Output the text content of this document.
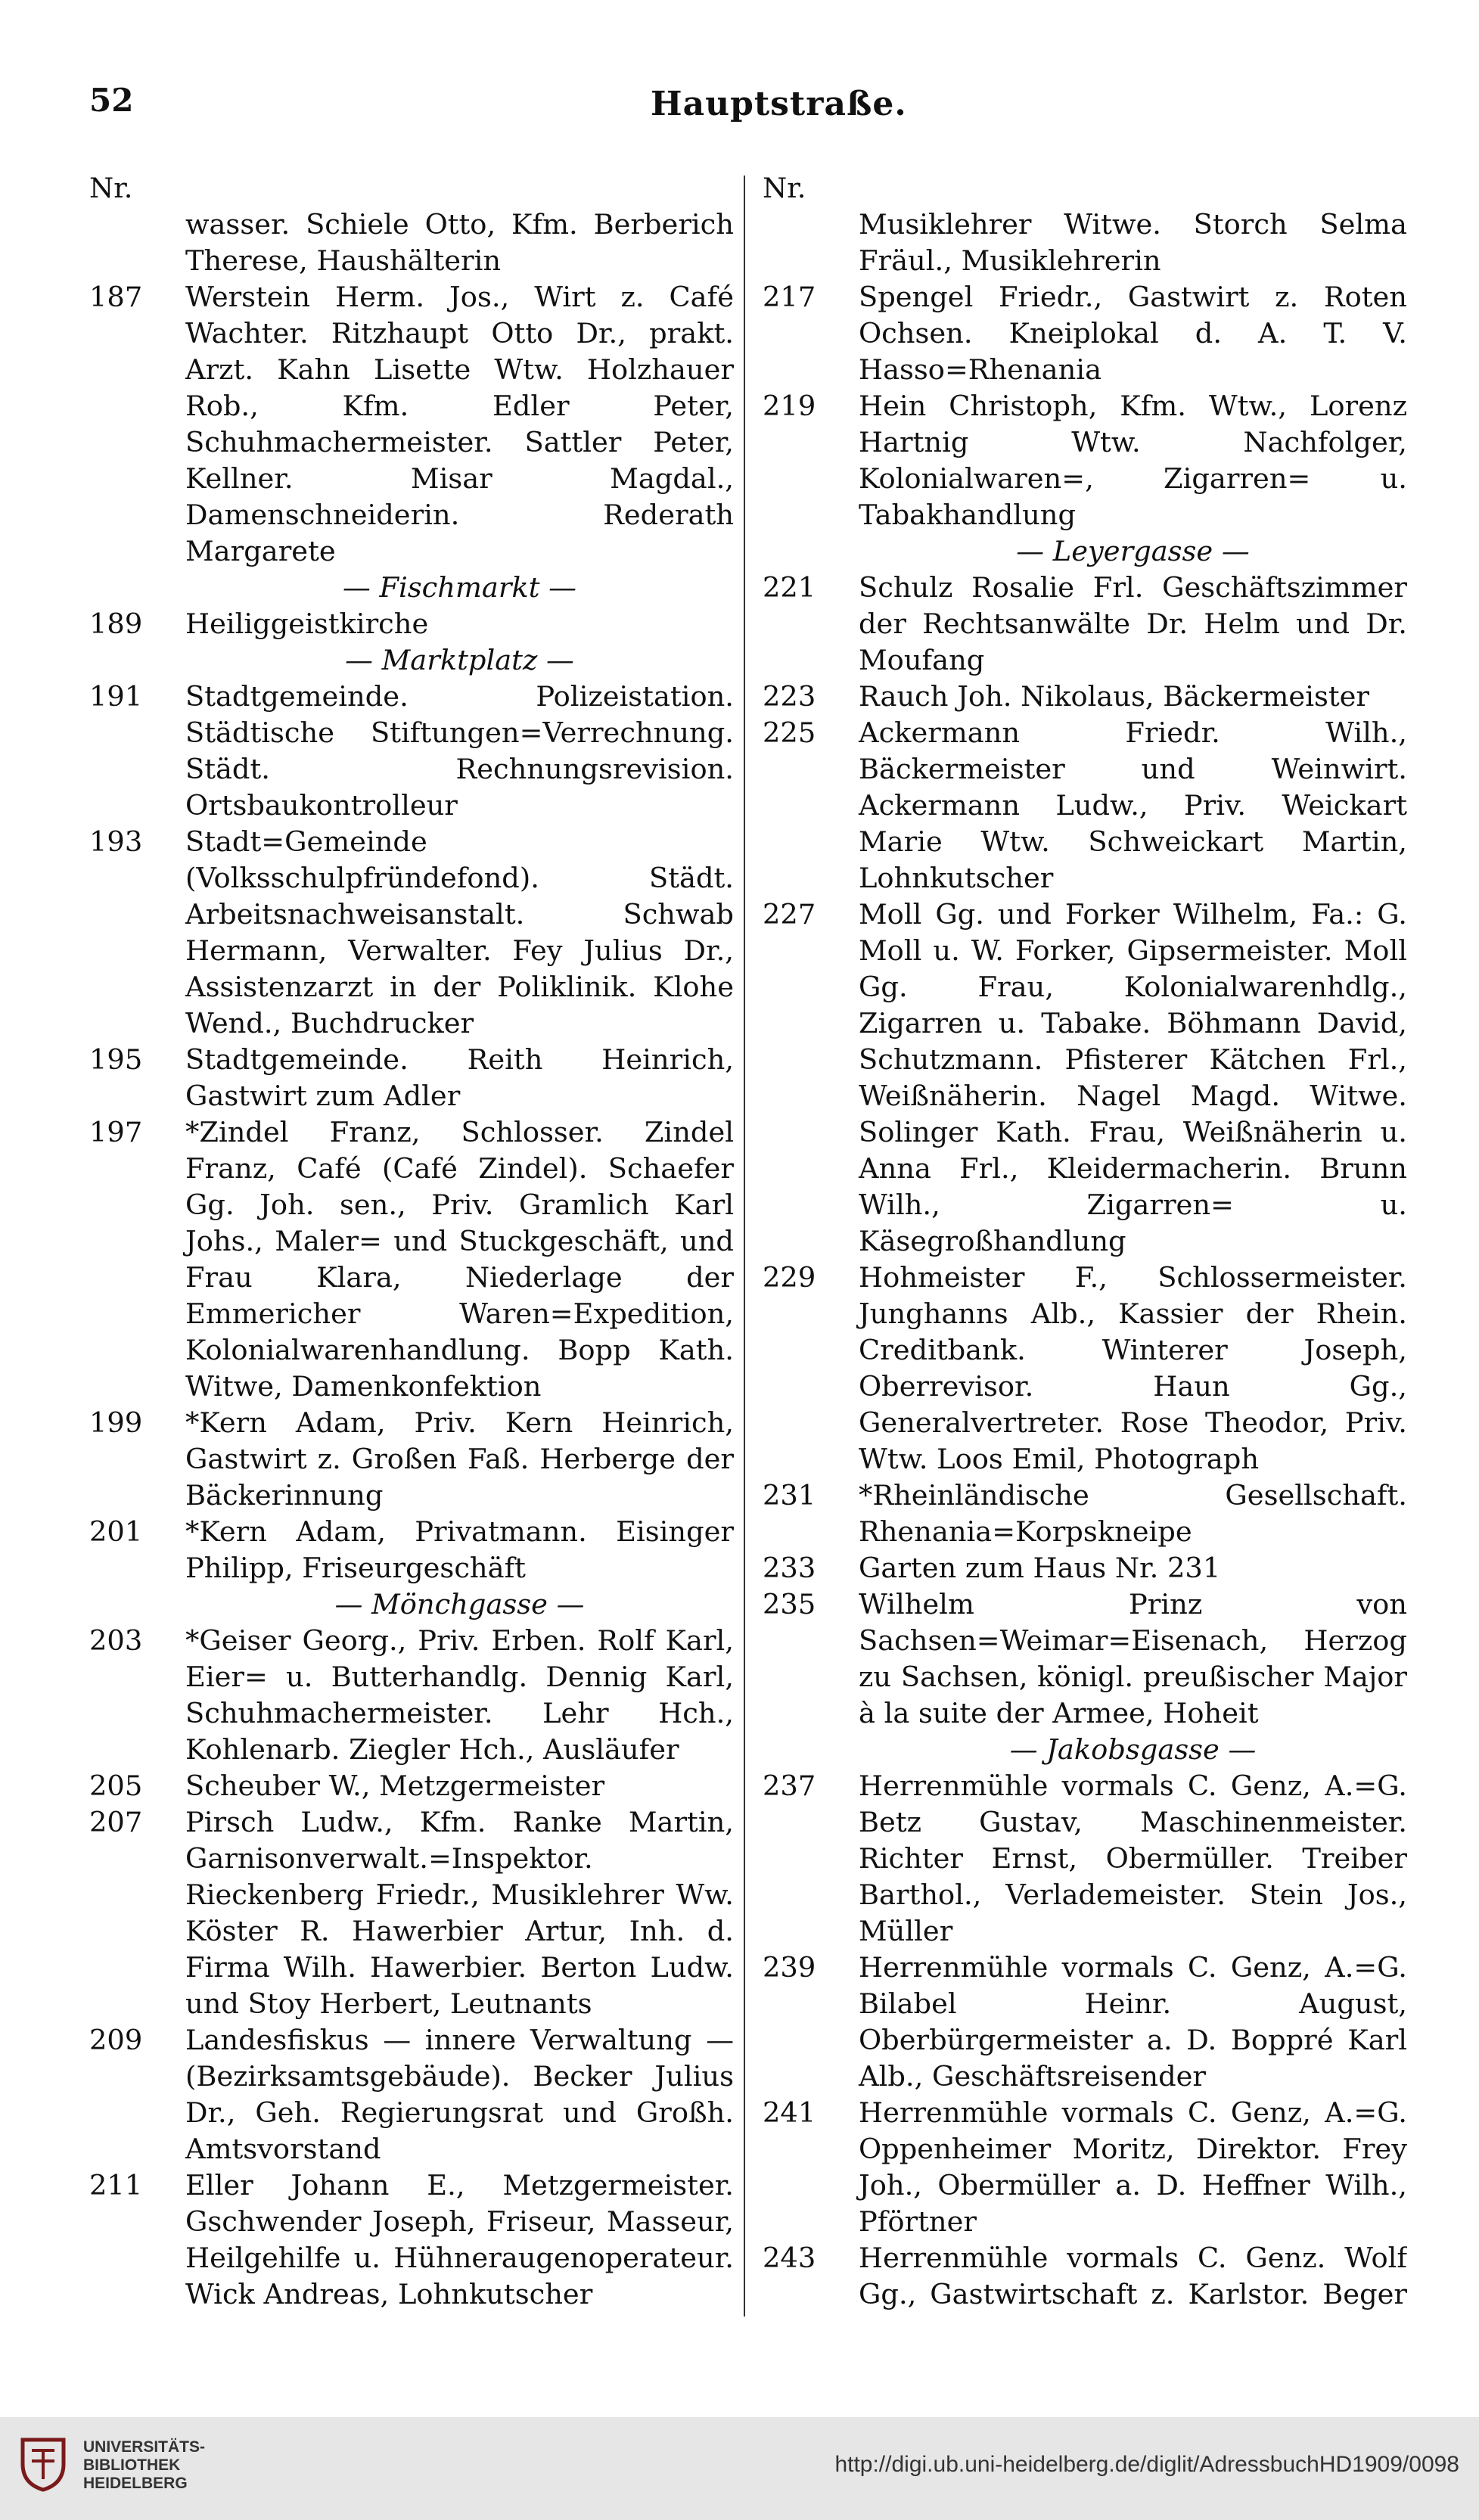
52	Hauptstraße.
Nr.
wasser. Schiele Otto, Kfm. Berberich Therese, Haushälterin
187 Werstein Herm. Jos., Wirt z. Café Wachter. Ritzhaupt Otto Dr., prakt. Arzt. Kahn Lisette Wtw. Holzhauer Rob., Kfm. Edler Peter, Schuhmachermeister. Sattler Peter, Kellner. Misar Magdal., Damenschneiderin. Rederath Margarete
— Fischmarkt —
189 Heiliggeistkirche
— Marktplatz —
191 Stadtgemeinde. Polizeistation. Städtische Stiftungen=Verrechnung. Städt. Rechnungsrevision. Ortsbaukontrolleur
193 Stadt=Gemeinde (Volksschulpfründefond). Städt. Arbeitsnachweisanstalt. Schwab Hermann, Verwalter. Fey Julius Dr., Assistenzarzt in der Poliklinik. Klohe Wend., Buchdrucker
195 Stadtgemeinde. Reith Heinrich, Gastwirt zum Adler
197 *Zindel Franz, Schlosser. Zindel Franz, Café (Café Zindel). Schaefer Gg. Joh. sen., Priv. Gramlich Karl Johs., Maler= und Stuckgeschäft, und Frau Klara, Niederlage der Emmericher Waren=Expedition, Kolonialwarenhandlung. Bopp Kath. Witwe, Damenkonfektion
199 *Kern Adam, Priv. Kern Heinrich, Gastwirt z. Großen Faß. Herberge der Bäckerinnung
201 *Kern Adam, Privatmann. Eisinger Philipp, Friseurgeschäft
— Mönchgasse —
203 *Geiser Georg., Priv. Erben. Rolf Karl, Eier= u. Butterhandlg. Dennig Karl, Schuhmachermeister. Lehr Hch., Kohlenarb. Ziegler Hch., Ausläufer
205 Scheuber W., Metzgermeister
207 Pirsch Ludw., Kfm. Ranke Martin, Garnisonverwalt.=Inspektor. Rieckenberg Friedr., Musiklehrer Ww. Köster R. Hawerbier Artur, Inh. d. Firma Wilh. Hawerbier. Berton Ludw. und Stoy Herbert, Leutnants
209 Landesfiskus — innere Verwaltung — (Bezirksamtsgebäude). Becker Julius Dr., Geh. Regierungsrat und Großh. Amtsvorstand
211 Eller Johann E., Metzgermeister. Gschwender Joseph, Friseur, Masseur, Heilgehilfe u. Hühneraugenoperateur. Wick Andreas, Lohnkutscher
Nr.
Musiklehrer Witwe. Storch Selma Fräul., Musiklehrerin
217 Spengel Friedr., Gastwirt z. Roten Ochsen. Kneiplokal d. A. T. V. Hasso=Rhenania
219 Hein Christoph, Kfm. Wtw., Lorenz Hartnig Wtw. Nachfolger, Kolonialwaren=, Zigarren= u. Tabakhandlung
— Leyergasse —
221 Schulz Rosalie Frl. Geschäftszimmer der Rechtsanwälte Dr. Helm und Dr. Moufang
223 Rauch Joh. Nikolaus, Bäckermeister
225 Ackermann Friedr. Wilh., Bäckermeister und Weinwirt. Ackermann Ludw., Priv. Weickart Marie Wtw. Schweickart Martin, Lohnkutscher
227 Moll Gg. und Forker Wilhelm, Fa.: G. Moll u. W. Forker, Gipsermeister. Moll Gg. Frau, Kolonialwarenhdlg., Zigarren u. Tabake. Böhmann David, Schutzmann. Pfisterer Kätchen Frl., Weißnäherin. Nagel Magd. Witwe. Solinger Kath. Frau, Weißnäherin u. Anna Frl., Kleidermacherin. Brunn Wilh., Zigarren= u. Käsegroßhandlung
229 Hohmeister F., Schlossermeister. Junghanns Alb., Kassier der Rhein. Creditbank. Winterer Joseph, Oberrevisor. Haun Gg., Generalvertreter. Rose Theodor, Priv. Wtw. Loos Emil, Photograph
231 *Rheinländische Gesellschaft. Rhenania=Korpskneipe
233 Garten zum Haus Nr. 231
235 Wilhelm Prinz von Sachsen=Weimar=Eisenach, Herzog zu Sachsen, königl. preußischer Major à la suite der Armee, Hoheit
— Jakobsgasse —
237 Herrenmühle vormals C. Genz, A.=G. Betz Gustav, Maschinenmeister. Richter Ernst, Obermüller. Treiber Barthol., Verlademeister. Stein Jos., Müller
239 Herrenmühle vormals C. Genz, A.=G. Bilabel Heinr. August, Oberbürgermeister a. D. Boppré Karl Alb., Geschäftsreisender
241 Herrenmühle vormals C. Genz, A.=G. Oppenheimer Moritz, Direktor. Frey Joh., Obermüller a. D. Heffner Wilh., Pförtner
243 Herrenmühle vormals C. Genz. Wolf Gg., Gastwirtschaft z. Karlstor. Beger
UNIVERSITÄTS-
BIBLIOTHEK
HEIDELBERG
http://digi.ub.uni-heidelberg.de/diglit/AdressbuchHD1909/0098
